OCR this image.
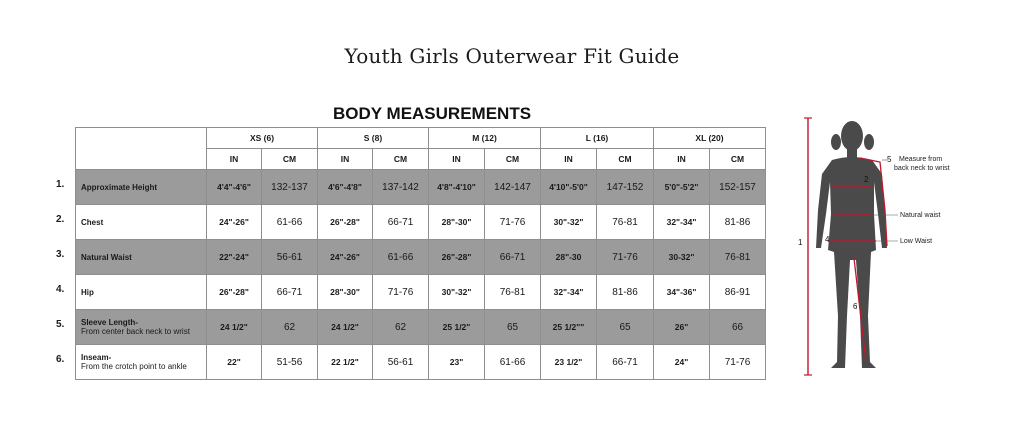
Youth Girls Outerwear Fit Guide
BODY MEASUREMENTS
	XS (6)		S (8)		M (12)		L (16)		XL (20)	
	IN	CM	IN	CM	IN	CM	IN	CM	IN	CM
Approximate Height	4'4"-4'6"	132-137	4'6"-4'8"	137-142	4'8"-4'10"	142-147	4'10"-5'0"	147-152	5'0"-5'2"	152-157
Chest	24"-26"	61-66	26"-28"	66-71	28"-30"	71-76	30"-32"	76-81	32"-34"	81-86
Natural Waist	22"-24"	56-61	24"-26"	61-66	26"-28"	66-71	28"-30	71-76	30-32"	76-81
Hip	26"-28"	66-71	28"-30"	71-76	30"-32"	76-81	32"-34"	81-86	34"-36"	86-91
Sleeve Length-
From center back neck to wrist	24 1/2"	62	24 1/2"	62	25 1/2"	65	25 1/2""	65	26"	66
Inseam-
From the crotch point to ankle	22"	51-56	22 1/2"	56-61	23"	61-66	23 1/2"	66-71	24"	71-76
1.
2.
3.
4.
5.
6.
1
2
4
5
6
Measure from
back neck to wrist
Natural waist
Low Waist
